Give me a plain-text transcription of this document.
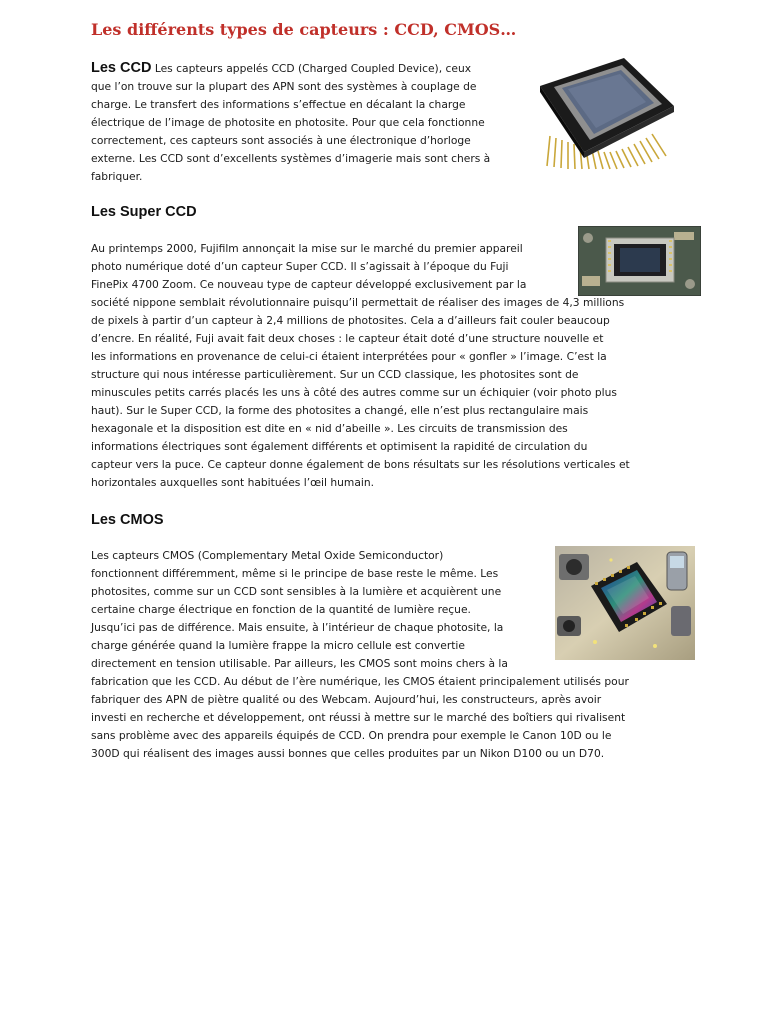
Les différents types de capteurs : CCD, CMOS…
Les CCD Les capteurs appelés CCD (Charged Coupled Device), ceux
que l’on trouve sur la plupart des APN sont des systèmes à couplage de
charge. Le transfert des informations s’effectue en décalant la charge
électrique de l’image de photosite en photosite. Pour que cela fonctionne
correctement, ces capteurs sont associés à une électronique d’horloge
externe. Les CCD sont d’excellents systèmes d’imagerie mais sont chers à
fabriquer.
Les Super CCD
Au printemps 2000, Fujifilm annonçait la mise sur le marché du premier appareil
photo numérique doté d’un capteur Super CCD. Il s’agissait à l’époque du Fuji
FinePix 4700 Zoom. Ce nouveau type de capteur développé exclusivement par la
société nippone semblait révolutionnaire puisqu’il permettait de réaliser des images de 4,3 millions
de pixels à partir d’un capteur à 2,4 millions de photosites. Cela a d’ailleurs fait couler beaucoup
d’encre. En réalité, Fuji avait fait deux choses : le capteur était doté d’une structure nouvelle et
les informations en provenance de celui-ci étaient interprétées pour « gonfler » l’image. C’est la
structure qui nous intéresse particulièrement. Sur un CCD classique, les photosites sont de
minuscules petits carrés placés les uns à côté des autres comme sur un échiquier (voir photo plus
haut). Sur le Super CCD, la forme des photosites a changé, elle n’est plus rectangulaire mais
hexagonale et la disposition est dite en « nid d’abeille ». Les circuits de transmission des
informations électriques sont également différents et optimisent la rapidité de circulation du
capteur vers la puce. Ce capteur donne également de bons résultats sur les résolutions verticales et
horizontales auxquelles sont habituées l’œil humain.
Les CMOS
Les capteurs CMOS (Complementary Metal Oxide Semiconductor)
fonctionnent différemment, même si le principe de base reste le même. Les
photosites, comme sur un CCD sont sensibles à la lumière et acquièrent une
certaine charge électrique en fonction de la quantité de lumière reçue.
Jusqu’ici pas de différence. Mais ensuite, à l’intérieur de chaque photosite, la
charge générée quand la lumière frappe la micro cellule est convertie
directement en tension utilisable. Par ailleurs, les CMOS sont moins chers à la
fabrication que les CCD. Au début de l’ère numérique, les CMOS étaient principalement utilisés pour
fabriquer des APN de piètre qualité ou des Webcam. Aujourd’hui, les constructeurs, après avoir
investi en recherche et développement, ont réussi à mettre sur le marché des boîtiers qui rivalisent
sans problème avec des appareils équipés de CCD. On prendra pour exemple le Canon 10D ou le
300D qui réalisent des images aussi bonnes que celles produites par un Nikon D100 ou un D70.
